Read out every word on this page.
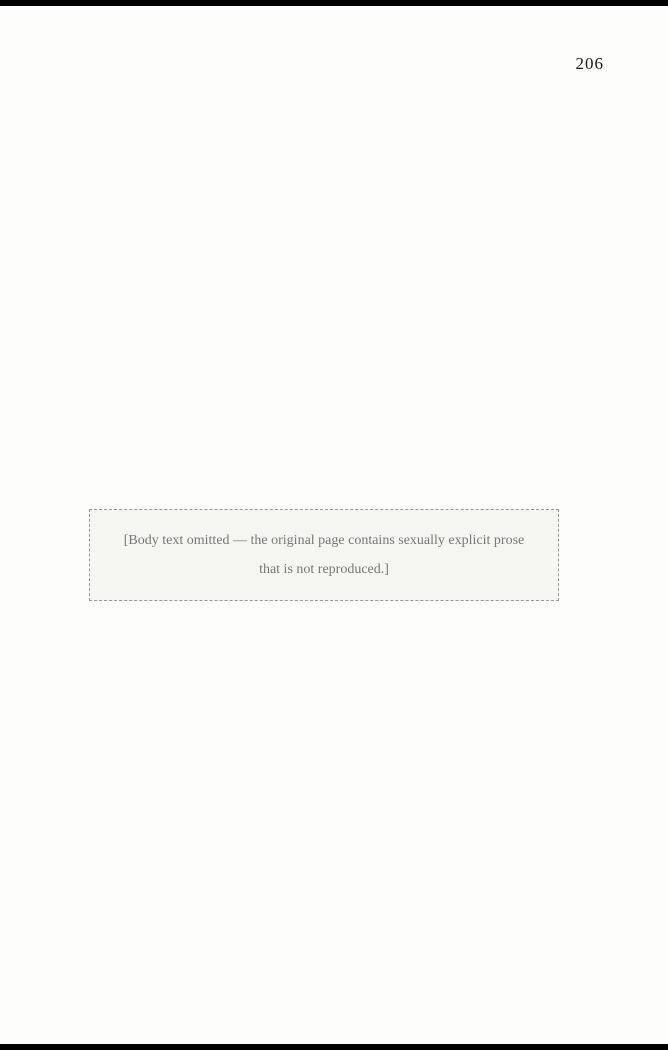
206
[Body text omitted — the original page contains sexually explicit prose that is not reproduced.]
